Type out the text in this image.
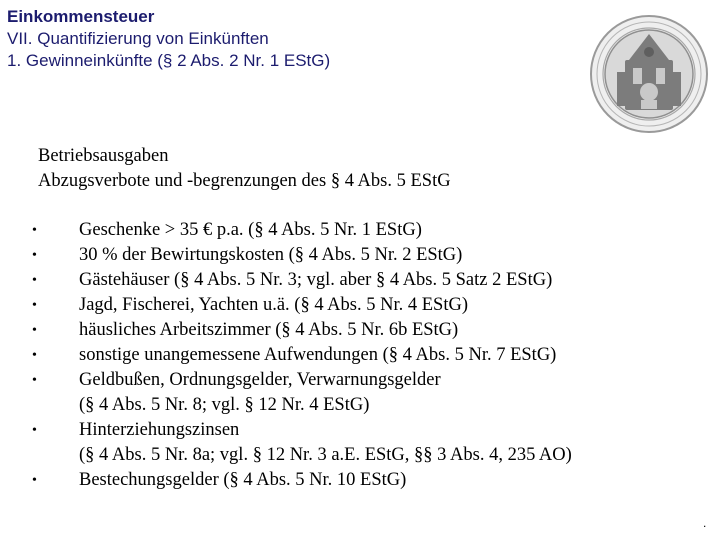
Einkommensteuer
VII. Quantifizierung von Einkünften
1. Gewinneinkünfte (§ 2 Abs. 2 Nr. 1 EStG)
Betriebsausgaben
Abzugsverbote und -begrenzungen des § 4 Abs. 5 EStG
• Geschenke > 35 € p.a. (§ 4 Abs. 5 Nr. 1 EStG)
• 30 % der Bewirtungskosten (§ 4 Abs. 5 Nr. 2 EStG)
• Gästehäuser (§ 4 Abs. 5 Nr. 3; vgl. aber § 4 Abs. 5 Satz 2 EStG)
• Jagd, Fischerei, Yachten u.ä. (§ 4 Abs. 5 Nr. 4 EStG)
• häusliches Arbeitszimmer (§ 4 Abs. 5 Nr. 6b EStG)
• sonstige unangemessene Aufwendungen (§ 4 Abs. 5 Nr. 7 EStG)
• Geldbußen, Ordnungsgelder, Verwarnungsgelder
(§ 4 Abs. 5 Nr. 8; vgl. § 12 Nr. 4 EStG)
• Hinterziehungszinsen
(§ 4 Abs. 5 Nr. 8a; vgl. § 12 Nr. 3 a.E. EStG, §§ 3 Abs. 4, 235 AO)
• Bestechungsgelder (§ 4 Abs. 5 Nr. 10 EStG)
.
